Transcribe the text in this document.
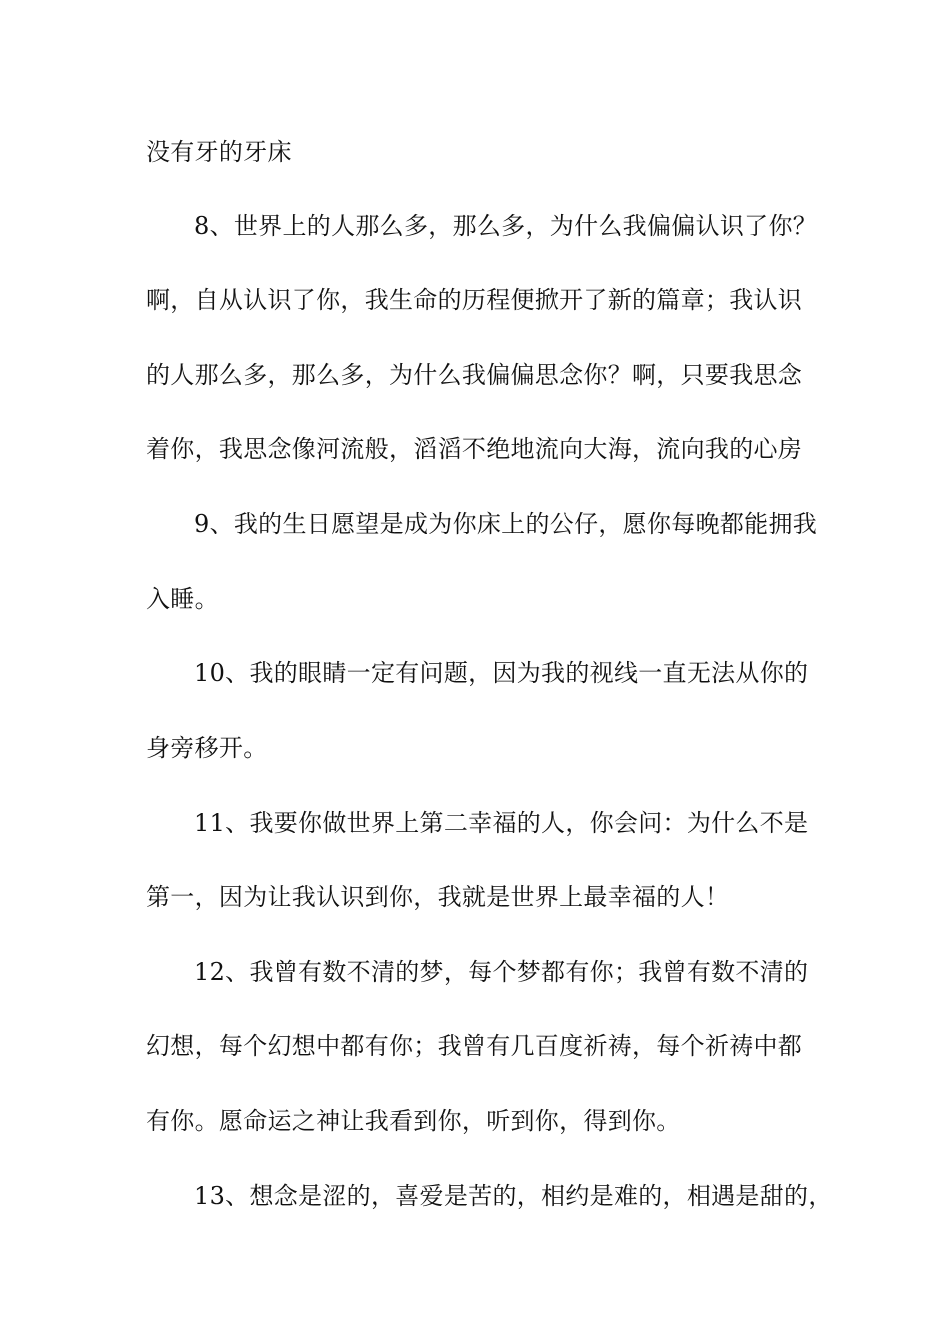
没有牙的牙床
8、世界上的人那么多，那么多，为什么我偏偏认识了你？
啊，自从认识了你，我生命的历程便掀开了新的篇章；我认识
的人那么多，那么多，为什么我偏偏思念你？啊，只要我思念
着你，我思念像河流般，滔滔不绝地流向大海，流向我的心房
9、我的生日愿望是成为你床上的公仔，愿你每晚都能拥我
入睡。
10、我的眼睛一定有问题，因为我的视线一直无法从你的
身旁移开。
11、我要你做世界上第二幸福的人，你会问：为什么不是
第一，因为让我认识到你，我就是世界上最幸福的人！
12、我曾有数不清的梦，每个梦都有你；我曾有数不清的
幻想，每个幻想中都有你；我曾有几百度祈祷，每个祈祷中都
有你。愿命运之神让我看到你，听到你，得到你。
13、想念是涩的，喜爱是苦的，相约是难的，相遇是甜的，
